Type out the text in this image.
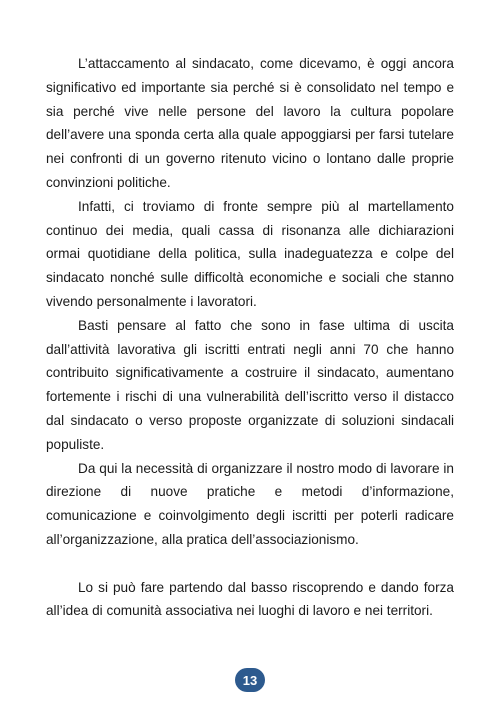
L’attaccamento al sindacato, come dicevamo, è oggi ancora significativo ed importante sia perché si è consolidato nel tempo e sia perché vive nelle persone del lavoro la cultura popolare dell’avere una sponda certa alla quale appoggiarsi per farsi tutelare nei confronti di un governo ritenuto vicino o lontano dalle proprie convinzioni politiche.

Infatti, ci troviamo di fronte sempre più al martellamento continuo dei media, quali cassa di risonanza alle dichiarazioni ormai quotidiane della politica, sulla inadeguatezza e colpe del sindacato nonché sulle difficoltà economiche e sociali che stanno vivendo personalmente i lavoratori.

Basti pensare al fatto che sono in fase ultima di uscita dall’attività lavorativa gli iscritti entrati negli anni 70 che hanno contribuito significativamente a costruire il sindacato, aumentano fortemente i rischi di una vulnerabilità dell’iscritto verso il distacco dal sindacato o verso proposte organizzate di soluzioni sindacali populiste.

Da qui la necessità di organizzare il nostro modo di lavorare in direzione di nuove pratiche e metodi d’informazione, comunicazione e coinvolgimento degli iscritti per poterli radicare all’organizzazione, alla pratica dell’associazionismo.

Lo si può fare partendo dal basso riscoprendo e dando forza all’idea di comunità associativa nei luoghi di lavoro e nei territori.

13
